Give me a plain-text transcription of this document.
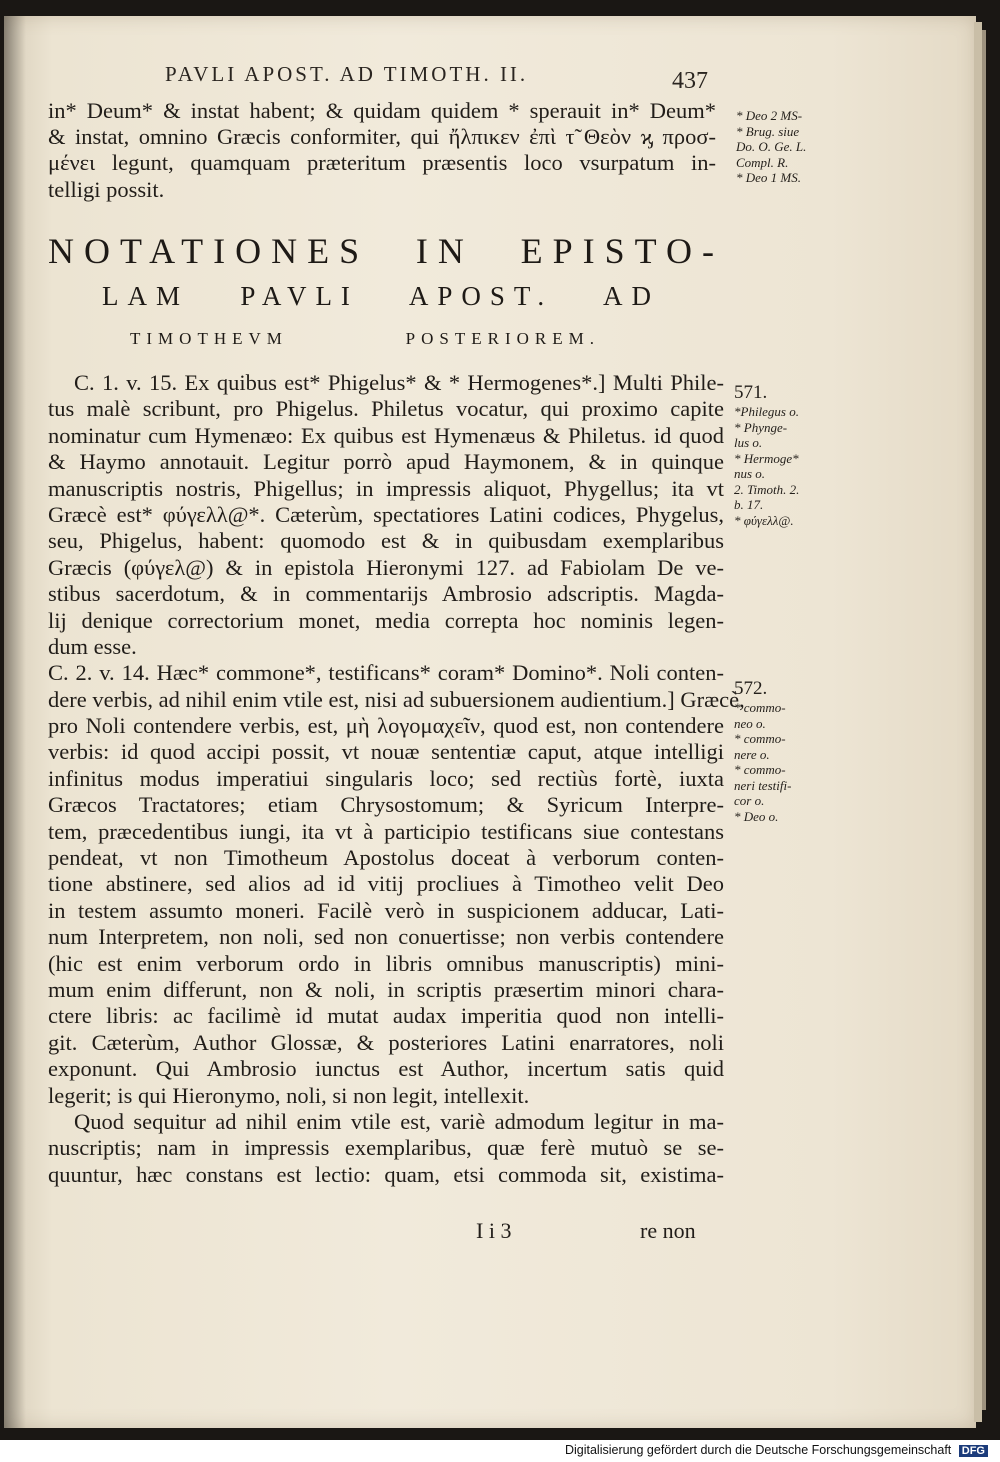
PAVLI APOST. AD TIMOTH. II.	437
in* Deum* & instat habent; & quidam quidem * sperauit in* Deum*
& instat, omnino Græcis conformiter, qui ἤλπικεν ἐπὶ τ̃ Θεὸν ϗ προσ-
μένει legunt, quamquam præteritum præsentis loco vsurpatum in-
telligi possit.
NOTATIONES IN EPISTO-
LAM PAVLI APOST. AD
TIMOTHEVM POSTERIOREM.
C. 1. v. 15. Ex quibus est* Phigelus* & * Hermogenes*.] Multi Phile-
tus malè scribunt, pro Phigelus. Philetus vocatur, qui proximo capite
nominatur cum Hymenæo: Ex quibus est Hymenæus & Philetus. id quod
& Haymo annotauit. Legitur porrò apud Haymonem, & in quinque
manuscriptis nostris, Phigellus; in impressis aliquot, Phygellus; ita vt
Græcè est* φύγελλ@*. Cæterùm, spectatiores Latini codices, Phygelus,
seu, Phigelus, habent: quomodo est & in quibusdam exemplaribus
Græcis (φύγελ@) & in epistola Hieronymi 127. ad Fabiolam De ve-
stibus sacerdotum, & in commentarijs Ambrosio adscriptis. Magda-
lij denique correctorium monet, media correpta hoc nominis legen-
dum esse.
C. 2. v. 14. Hæc* commone*, testificans* coram* Domino*. Noli conten-
dere verbis, ad nihil enim vtile est, nisi ad subuersionem audientium.] Græcè,
pro Noli contendere verbis, est, μὴ λογομαχεῖν, quod est, non contendere
verbis: id quod accipi possit, vt nouæ sententiæ caput, atque intelligi
infinitus modus imperatiui singularis loco; sed rectiùs fortè, iuxta
Græcos Tractatores; etiam Chrysostomum; & Syricum Interpre-
tem, præcedentibus iungi, ita vt à participio testificans siue contestans
pendeat, vt non Timotheum Apostolus doceat à verborum conten-
tione abstinere, sed alios ad id vitij procliues à Timotheo velit Deo
in testem assumto moneri. Facilè verò in suspicionem adducar, Lati-
num Interpretem, non noli, sed non conuertisse; non verbis contendere
(hic est enim verborum ordo in libris omnibus manuscriptis) mini-
mum enim differunt, non & noli, in scriptis præsertim minori chara-
ctere libris: ac facilimè id mutat audax imperitia quod non intelli-
git. Cæterùm, Author Glossæ, & posteriores Latini enarratores, noli
exponunt. Qui Ambrosio iunctus est Author, incertum satis quid
legerit; is qui Hieronymo, noli, si non legit, intellexit.
Quod sequitur ad nihil enim vtile est, variè admodum legitur in ma-
nuscriptis; nam in impressis exemplaribus, quæ ferè mutuò se se-
quuntur, hæc constans est lectio: quam, etsi commoda sit, existima-
I i 3	re non
* Deo 2 MS-
* Brug. siue
Do. O. Ge. L.
Compl. R.
* Deo 1 MS.
571.
*Philegus o.
* Phynge-
lus o.
* Hermoge*
nus o.
2. Timoth. 2.
b. 17.
* φύγελλ@.
572.
* commo-
neo o.
* commo-
nere o.
* commo-
neri testifi-
cor o.
* Deo o.
Digitalisierung gefördert durch die Deutsche Forschungsgemeinschaft DFG
